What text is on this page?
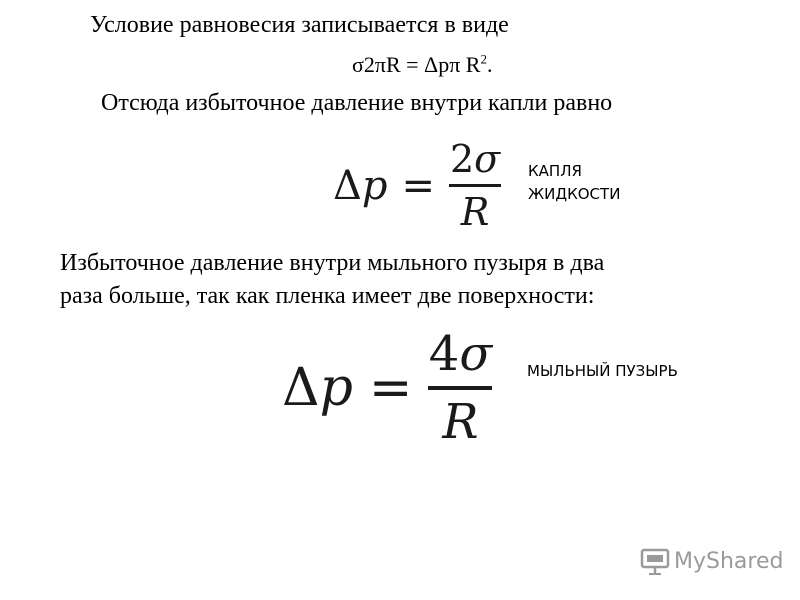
Условие равновесия записывается в виде
σ2πR = Δpπ $R^2$.
Отсюда избыточное давление внутри капли равно
$\Delta p = \frac{2\sigma}{R}$ КАПЛЯ
ЖИДКОСТИ
Избыточное давление внутри мыльного пузыря в два
раза больше, так как пленка имеет две поверхности:
$\Delta p = \frac{4\sigma}{R}$ МЫЛЬНЫЙ ПУЗЫРЬ
MyShared
